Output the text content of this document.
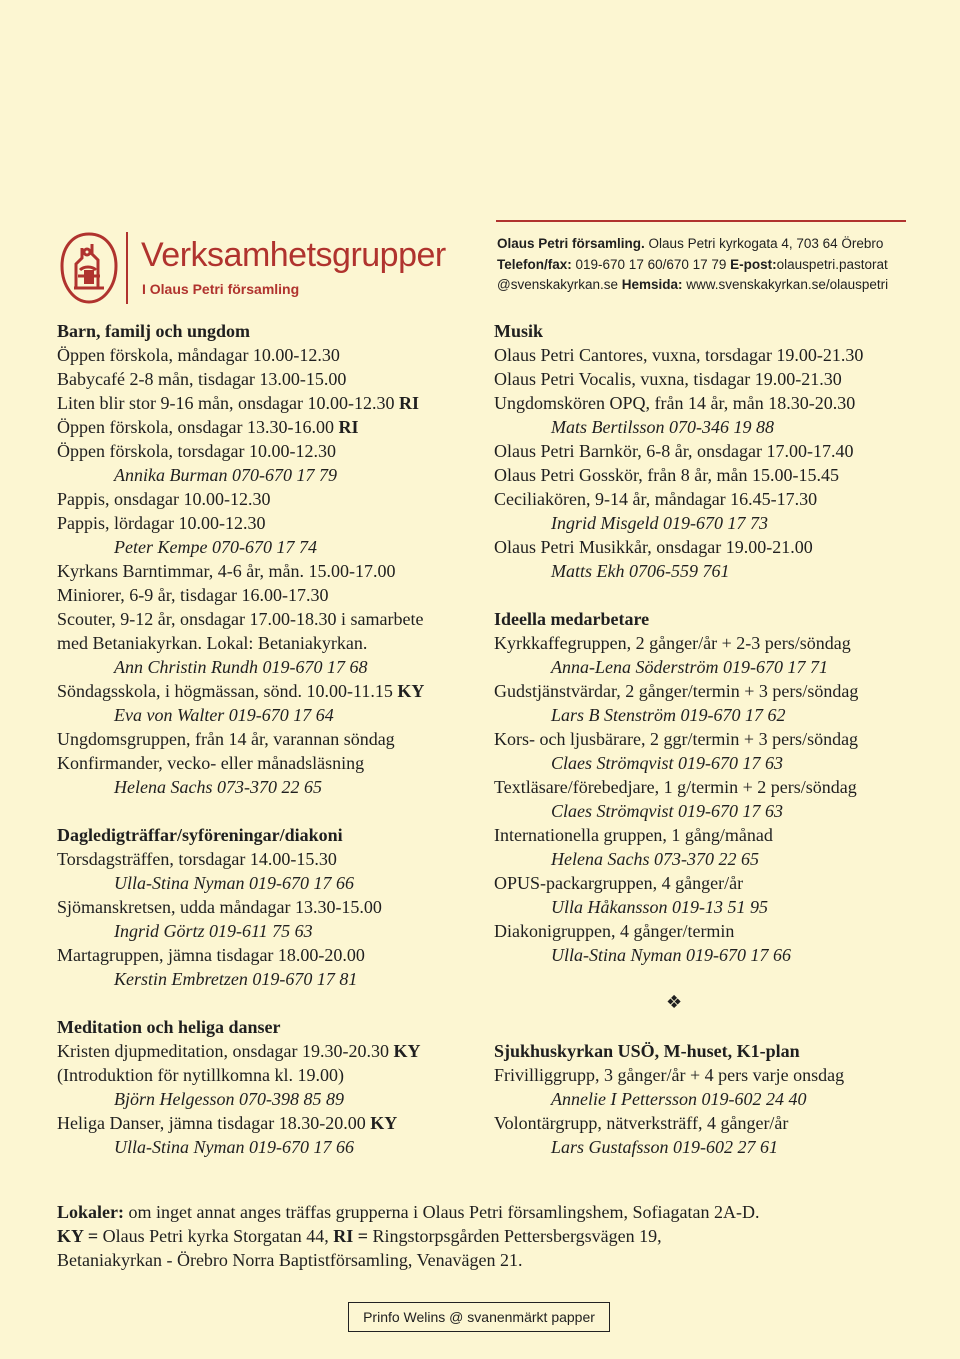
Verksamhetsgrupper
I Olaus Petri församling
Olaus Petri församling. Olaus Petri kyrkogata 4, 703 64 Örebro
Telefon/fax: 019-670 17 60/670 17 79 E-post:olauspetri.pastorat
@svenskakyrkan.se Hemsida: www.svenskakyrkan.se/olauspetri
Barn, familj och ungdom
Öppen förskola, måndagar 10.00-12.30
Babycafé 2-8 mån, tisdagar 13.00-15.00
Liten blir stor 9-16 mån, onsdagar 10.00-12.30 RI
Öppen förskola, onsdagar 13.30-16.00 RI
Öppen förskola, torsdagar 10.00-12.30
Annika Burman 070-670 17 79
Pappis, onsdagar 10.00-12.30
Pappis, lördagar 10.00-12.30
Peter Kempe 070-670 17 74
Kyrkans Barntimmar, 4-6 år, mån. 15.00-17.00
Miniorer, 6-9 år, tisdagar 16.00-17.30
Scouter, 9-12 år, onsdagar 17.00-18.30 i samarbete
med Betaniakyrkan. Lokal: Betaniakyrkan.
Ann Christin Rundh 019-670 17 68
Söndagsskola, i högmässan, sönd. 10.00-11.15 KY
Eva von Walter 019-670 17 64
Ungdomsgruppen, från 14 år, varannan söndag
Konfirmander, vecko- eller månadsläsning
Helena Sachs 073-370 22 65
Dagledigträffar/syföreningar/diakoni
Torsdagsträffen, torsdagar 14.00-15.30
Ulla-Stina Nyman 019-670 17 66
Sjömanskretsen, udda måndagar 13.30-15.00
Ingrid Görtz 019-611 75 63
Martagruppen, jämna tisdagar 18.00-20.00
Kerstin Embretzen 019-670 17 81
Meditation och heliga danser
Kristen djupmeditation, onsdagar 19.30-20.30 KY
(Introduktion för nytillkomna kl. 19.00)
Björn Helgesson 070-398 85 89
Heliga Danser, jämna tisdagar 18.30-20.00 KY
Ulla-Stina Nyman 019-670 17 66
Musik
Olaus Petri Cantores, vuxna, torsdagar 19.00-21.30
Olaus Petri Vocalis, vuxna, tisdagar 19.00-21.30
Ungdomskören OPQ, från 14 år, mån 18.30-20.30
Mats Bertilsson 070-346 19 88
Olaus Petri Barnkör, 6-8 år, onsdagar 17.00-17.40
Olaus Petri Gosskör, från 8 år, mån 15.00-15.45
Ceciliakören, 9-14 år, måndagar 16.45-17.30
Ingrid Misgeld 019-670 17 73
Olaus Petri Musikkår, onsdagar 19.00-21.00
Matts Ekh 0706-559 761
Ideella medarbetare
Kyrkkaffegruppen, 2 gånger/år + 2-3 pers/söndag
Anna-Lena Söderström 019-670 17 71
Gudstjänstvärdar, 2 gånger/termin + 3 pers/söndag
Lars B Stenström 019-670 17 62
Kors- och ljusbärare, 2 ggr/termin + 3 pers/söndag
Claes Strömqvist 019-670 17 63
Textläsare/förebedjare, 1 g/termin + 2 pers/söndag
Claes Strömqvist 019-670 17 63
Internationella gruppen, 1 gång/månad
Helena Sachs 073-370 22 65
OPUS-packargruppen, 4 gånger/år
Ulla Håkansson 019-13 51 95
Diakonigruppen, 4 gånger/termin
Ulla-Stina Nyman 019-670 17 66
❖
Sjukhuskyrkan USÖ, M-huset, K1-plan
Frivilliggrupp, 3 gånger/år + 4 pers varje onsdag
Annelie I Pettersson 019-602 24 40
Volontärgrupp, nätverksträff, 4 gånger/år
Lars Gustafsson 019-602 27 61

Lokaler: om inget annat anges träffas grupperna i Olaus Petri församlingshem, Sofiagatan 2A-D.

KY = Olaus Petri kyrka Storgatan 44, RI = Ringstorpsgården Pettersbergsvägen 19,

Betaniakyrkan - Örebro Norra Baptistförsamling, Venavägen 21.

Prinfo Welins @ svanenmärkt papper
